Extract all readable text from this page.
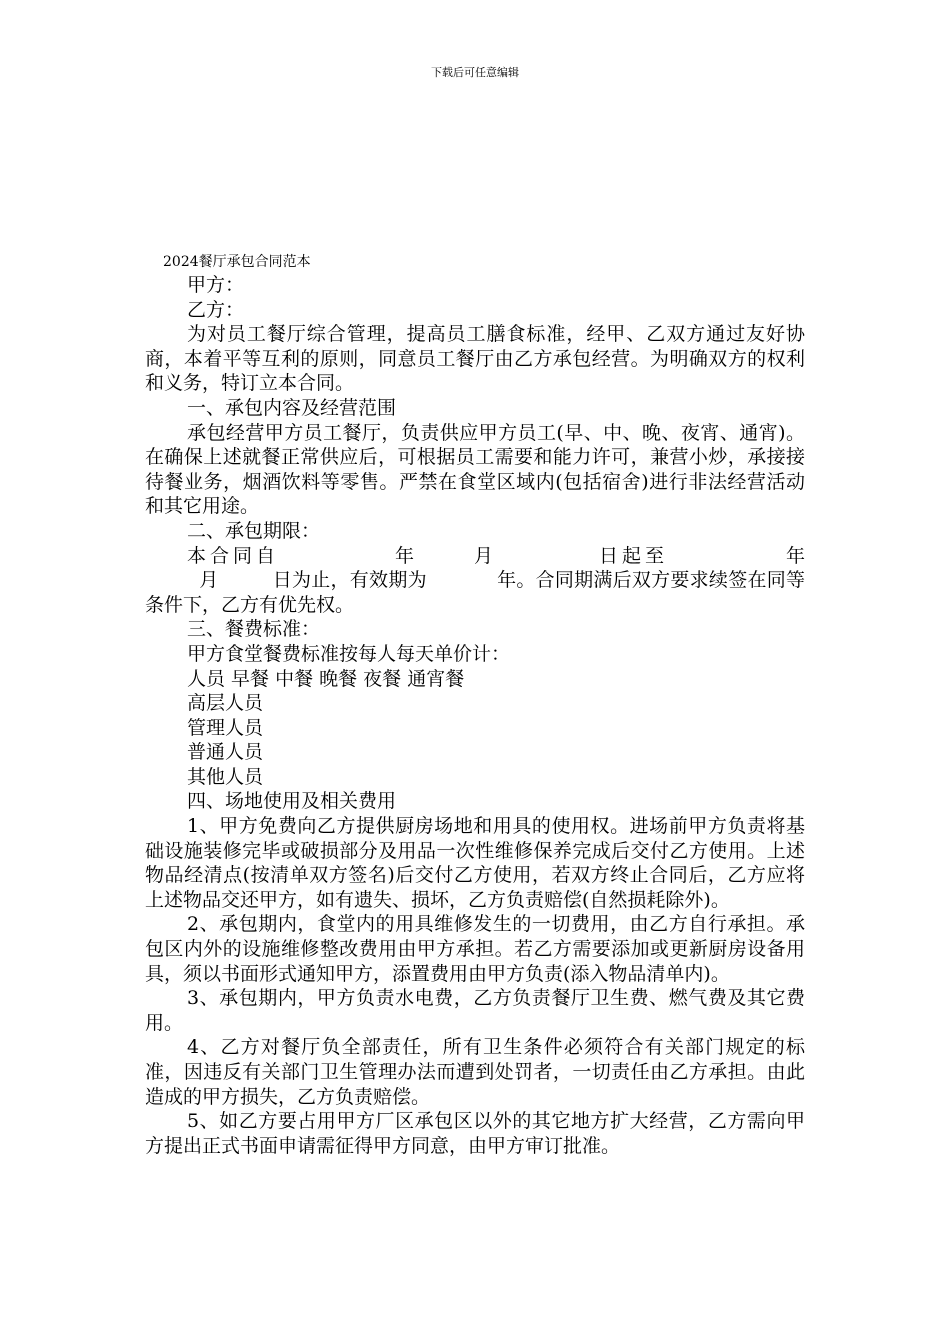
下载后可任意编辑
2024餐厅承包合同范本

甲方：

乙方：

为对员工餐厅综合管理，提高员工膳食标准，经甲、乙双方通过友好协商，本着平等互利的原则，同意员工餐厅由乙方承包经营。为明确双方的权利和义务，特订立本合同。

一、承包内容及经营范围

承包经营甲方员工餐厅，负责供应甲方员工(早、中、晚、夜宵、通宵)。在确保上述就餐正常供应后，可根据员工需要和能力许可，兼营小炒，承接接待餐业务，烟酒饮料等零售。严禁在食堂区域内(包括宿舍)进行非法经营活动和其它用途。

二、承包期限：

本合同自	年	月	日起至	年月	日为止，有效期为	年。合同期满后双方要求续签在同等条件下，乙方有优先权。

三、餐费标准：

甲方食堂餐费标准按每人每天单价计：

人员 早餐 中餐 晚餐 夜餐 通宵餐

高层人员

管理人员

普通人员

其他人员

四、场地使用及相关费用

1、甲方免费向乙方提供厨房场地和用具的使用权。进场前甲方负责将基础设施装修完毕或破损部分及用品一次性维修保养完成后交付乙方使用。上述物品经清点(按清单双方签名)后交付乙方使用，若双方终止合同后，乙方应将上述物品交还甲方，如有遗失、损坏，乙方负责赔偿(自然损耗除外)。

2、承包期内，食堂内的用具维修发生的一切费用，由乙方自行承担。承包区内外的设施维修整改费用由甲方承担。若乙方需要添加或更新厨房设备用具，须以书面形式通知甲方，添置费用由甲方负责(添入物品清单内)。

3、承包期内，甲方负责水电费，乙方负责餐厅卫生费、燃气费及其它费用。

4、乙方对餐厅负全部责任，所有卫生条件必须符合有关部门规定的标准，因违反有关部门卫生管理办法而遭到处罚者，一切责任由乙方承担。由此造成的甲方损失，乙方负责赔偿。

5、如乙方要占用甲方厂区承包区以外的其它地方扩大经营，乙方需向甲方提出正式书面申请需征得甲方同意，由甲方审订批准。
